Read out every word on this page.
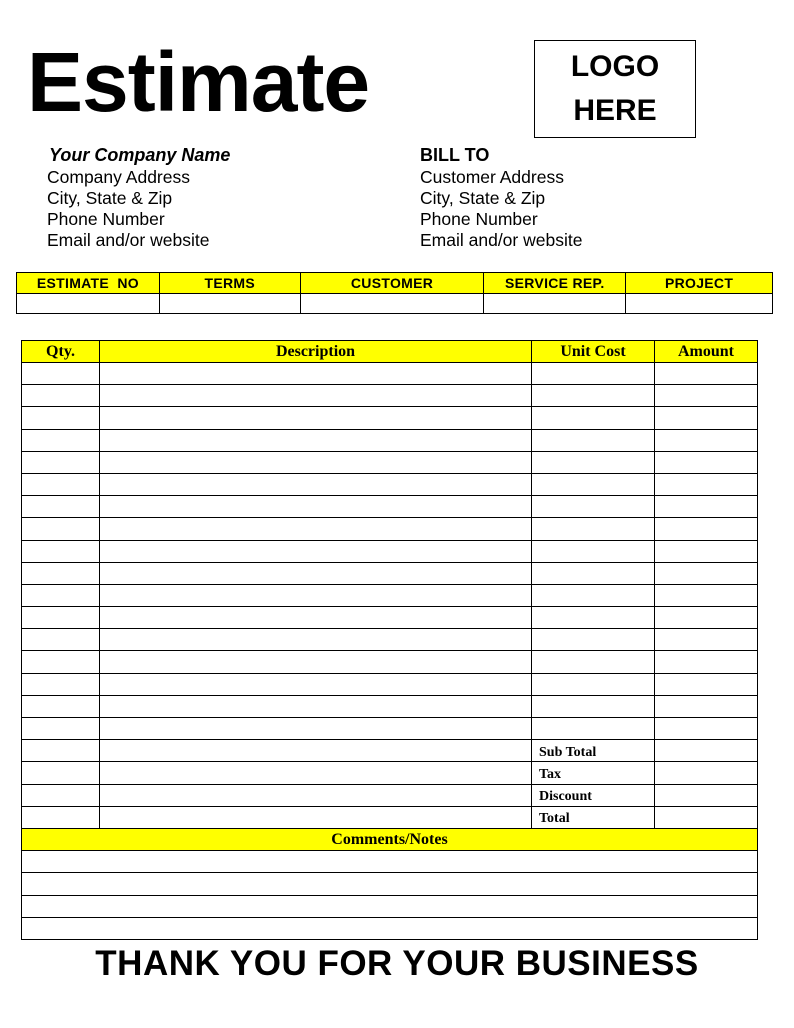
Estimate	LOGO
HERE
Your Company Name
Company Address
City, State & Zip
Phone Number
Email and/or website
BILL TO
Customer Address
City, State & Zip
Phone Number
Email and/or website
ESTIMATE  NO	TERMS	CUSTOMER	SERVICE REP.	PROJECT

Qty.	Description	Unit Cost	Amount

		Sub Total	
		Tax	
		Discount	
		Total	
Comments/Notes			

THANK YOU FOR YOUR BUSINESS
